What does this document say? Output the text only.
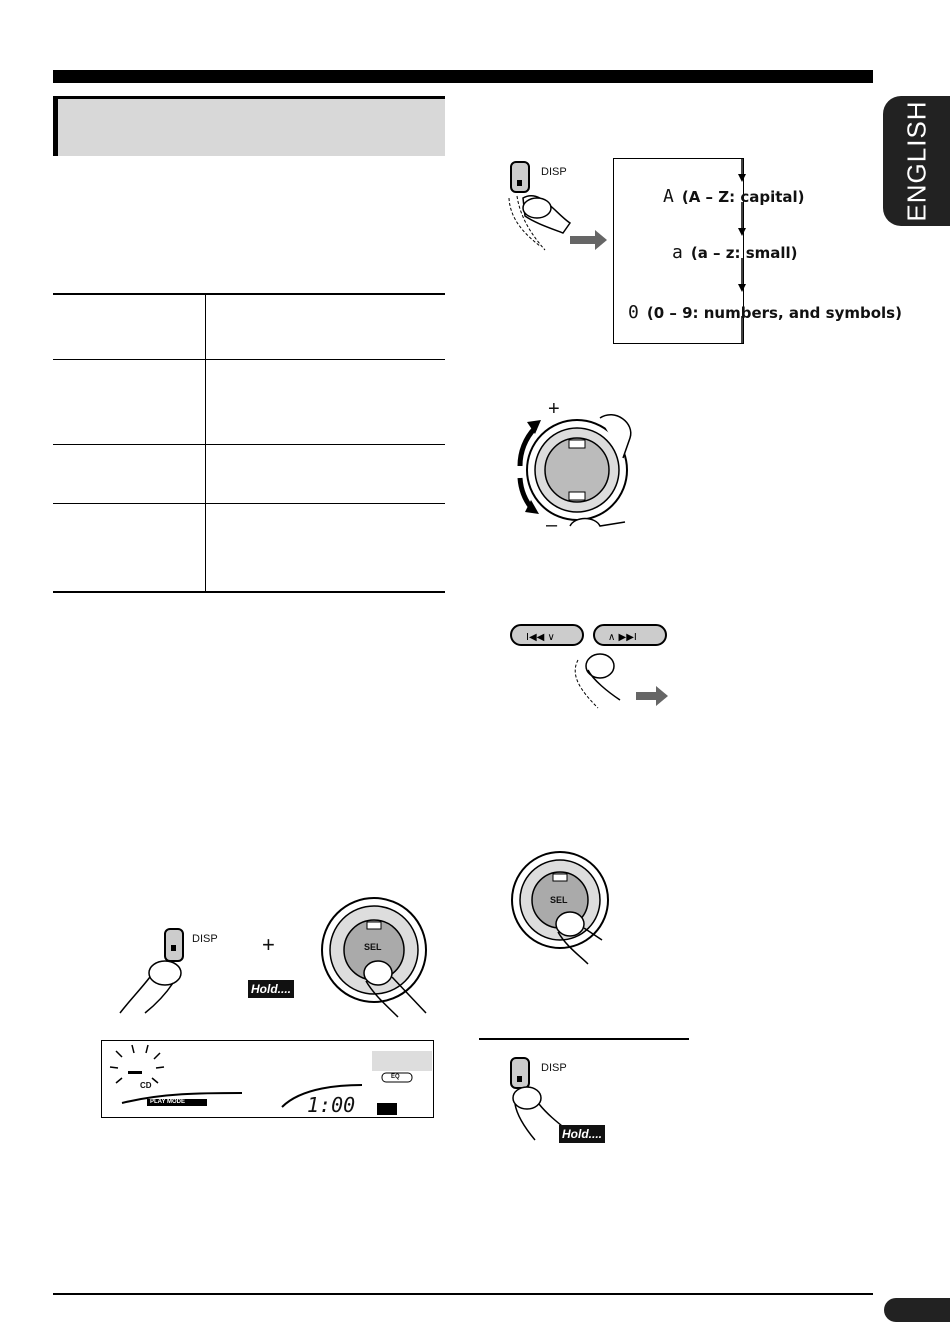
ENGLISH
DISP
A (A – Z: capital)
a (a – z: small)
0 (0 – 9: numbers, and symbols)
+
–
I◀◀ ∨	∧ ▶▶I
SEL
DISP +
Hold....
SEL
CD
PLAY MODE
EQ
1:00
DISP
Hold....
